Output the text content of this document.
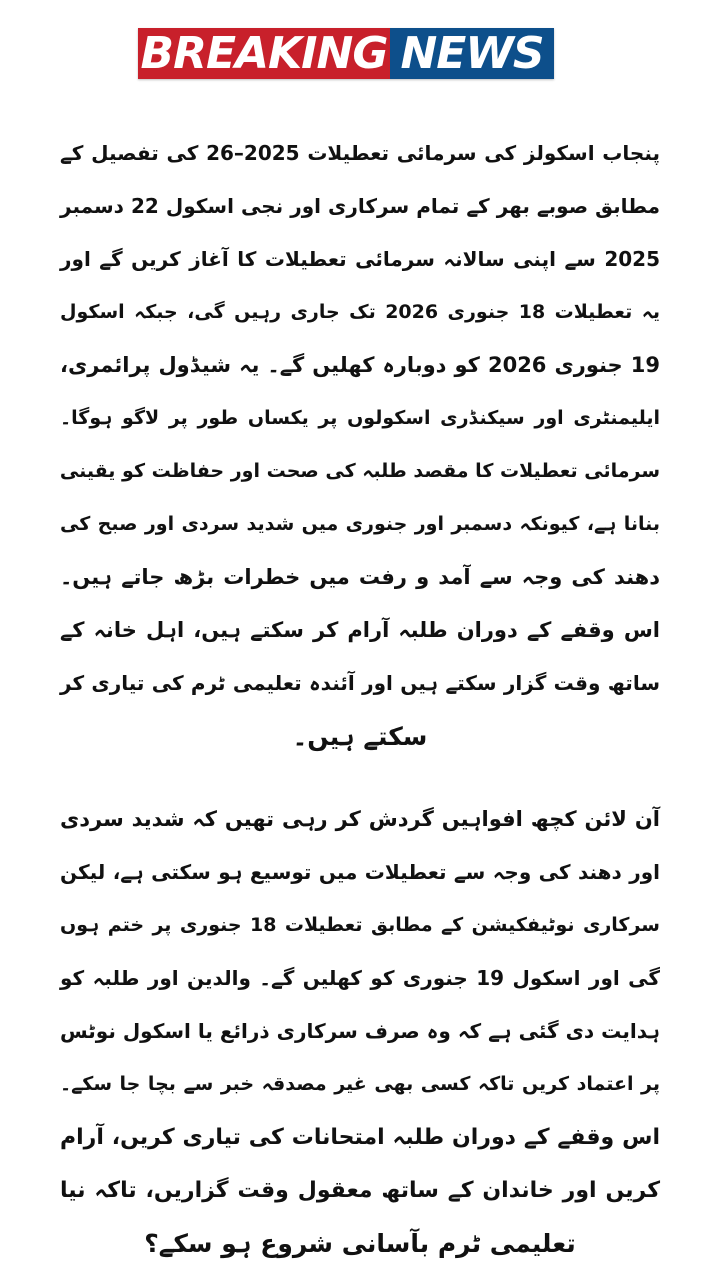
BREAKING NEWS
پنجاب اسکولز کی سرمائی تعطیلات 2025–26 کی تفصیل کے
مطابق صوبے بھر کے تمام سرکاری اور نجی اسکول 22 دسمبر
2025 سے اپنی سالانہ سرمائی تعطیلات کا آغاز کریں گے اور
یہ تعطیلات 18 جنوری 2026 تک جاری رہیں گی، جبکہ اسکول
19 جنوری 2026 کو دوبارہ کھلیں گے۔ یہ شیڈول پرائمری،
ایلیمنٹری اور سیکنڈری اسکولوں پر یکساں طور پر لاگو ہوگا۔
سرمائی تعطیلات کا مقصد طلبہ کی صحت اور حفاظت کو یقینی
بنانا ہے، کیونکہ دسمبر اور جنوری میں شدید سردی اور صبح کی
دھند کی وجہ سے آمد و رفت میں خطرات بڑھ جاتے ہیں۔
اس وقفے کے دوران طلبہ آرام کر سکتے ہیں، اہل خانہ کے
ساتھ وقت گزار سکتے ہیں اور آئندہ تعلیمی ٹرم کی تیاری کر
سکتے ہیں۔
آن لائن کچھ افواہیں گردش کر رہی تھیں کہ شدید سردی
اور دھند کی وجہ سے تعطیلات میں توسیع ہو سکتی ہے، لیکن
سرکاری نوٹیفکیشن کے مطابق تعطیلات 18 جنوری پر ختم ہوں
گی اور اسکول 19 جنوری کو کھلیں گے۔ والدین اور طلبہ کو
ہدایت دی گئی ہے کہ وہ صرف سرکاری ذرائع یا اسکول نوٹس
پر اعتماد کریں تاکہ کسی بھی غیر مصدقہ خبر سے بچا جا سکے۔
اس وقفے کے دوران طلبہ امتحانات کی تیاری کریں، آرام
کریں اور خاندان کے ساتھ معقول وقت گزاریں، تاکہ نیا
تعلیمی ٹرم بآسانی شروع ہو سکے؟
